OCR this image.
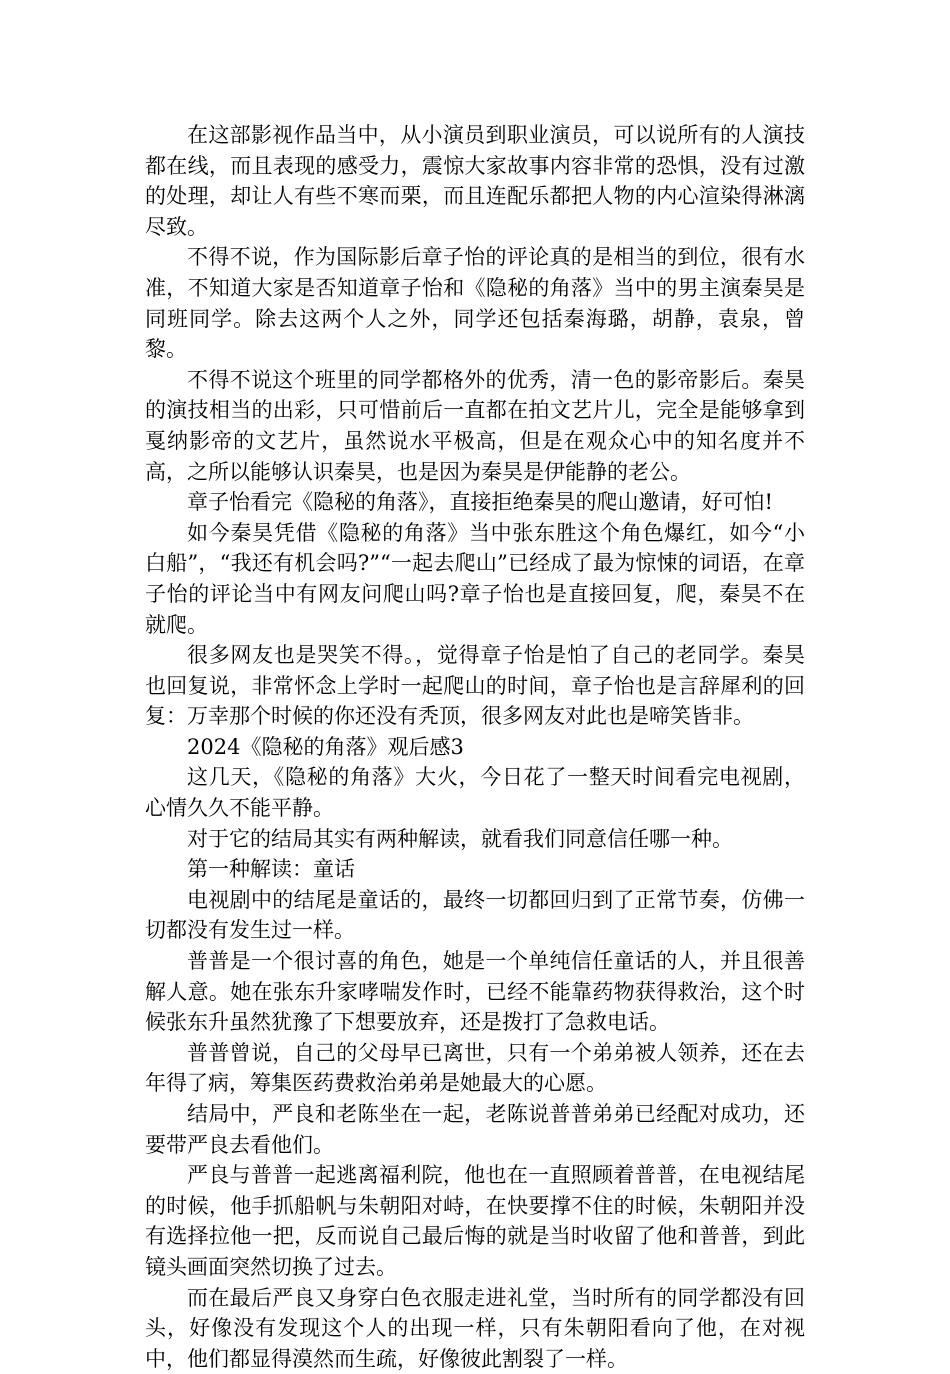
在这部影视作品当中，从小演员到职业演员，可以说所有的人演技都在线，而且表现的感受力，震惊大家故事内容非常的恐惧，没有过激的处理，却让人有些不寒而栗，而且连配乐都把人物的内心渲染得淋漓尽致。

不得不说，作为国际影后章子怡的评论真的是相当的到位，很有水准，不知道大家是否知道章子怡和《隐秘的角落》当中的男主演秦昊是同班同学。除去这两个人之外，同学还包括秦海璐，胡静，袁泉，曾黎。

不得不说这个班里的同学都格外的优秀，清一色的影帝影后。秦昊的演技相当的出彩，只可惜前后一直都在拍文艺片儿，完全是能够拿到戛纳影帝的文艺片，虽然说水平极高，但是在观众心中的知名度并不高，之所以能够认识秦昊，也是因为秦昊是伊能静的老公。

章子怡看完《隐秘的角落》，直接拒绝秦昊的爬山邀请，好可怕!

如今秦昊凭借《隐秘的角落》当中张东胜这个角色爆红，如今“小白船”，“我还有机会吗?”“一起去爬山”已经成了最为惊悚的词语，在章子怡的评论当中有网友问爬山吗?章子怡也是直接回复，爬，秦昊不在就爬。

很多网友也是哭笑不得。，觉得章子怡是怕了自己的老同学。秦昊也回复说，非常怀念上学时一起爬山的时间，章子怡也是言辞犀利的回复：万幸那个时候的你还没有秃顶，很多网友对此也是啼笑皆非。

2024《隐秘的角落》观后感3

这几天，《隐秘的角落》大火，今日花了一整天时间看完电视剧，心情久久不能平静。

对于它的结局其实有两种解读，就看我们同意信任哪一种。

第一种解读：童话

电视剧中的结尾是童话的，最终一切都回归到了正常节奏，仿佛一切都没有发生过一样。

普普是一个很讨喜的角色，她是一个单纯信任童话的人，并且很善解人意。她在张东升家哮喘发作时，已经不能靠药物获得救治，这个时候张东升虽然犹豫了下想要放弃，还是拨打了急救电话。

普普曾说，自己的父母早已离世，只有一个弟弟被人领养，还在去年得了病，筹集医药费救治弟弟是她最大的心愿。

结局中，严良和老陈坐在一起，老陈说普普弟弟已经配对成功，还要带严良去看他们。

严良与普普一起逃离福利院，他也在一直照顾着普普，在电视结尾的时候，他手抓船帆与朱朝阳对峙，在快要撑不住的时候，朱朝阳并没有选择拉他一把，反而说自己最后悔的就是当时收留了他和普普，到此镜头画面突然切换了过去。

而在最后严良又身穿白色衣服走进礼堂，当时所有的同学都没有回头，好像没有发现这个人的出现一样，只有朱朝阳看向了他，在对视中，他们都显得漠然而生疏，好像彼此割裂了一样。
